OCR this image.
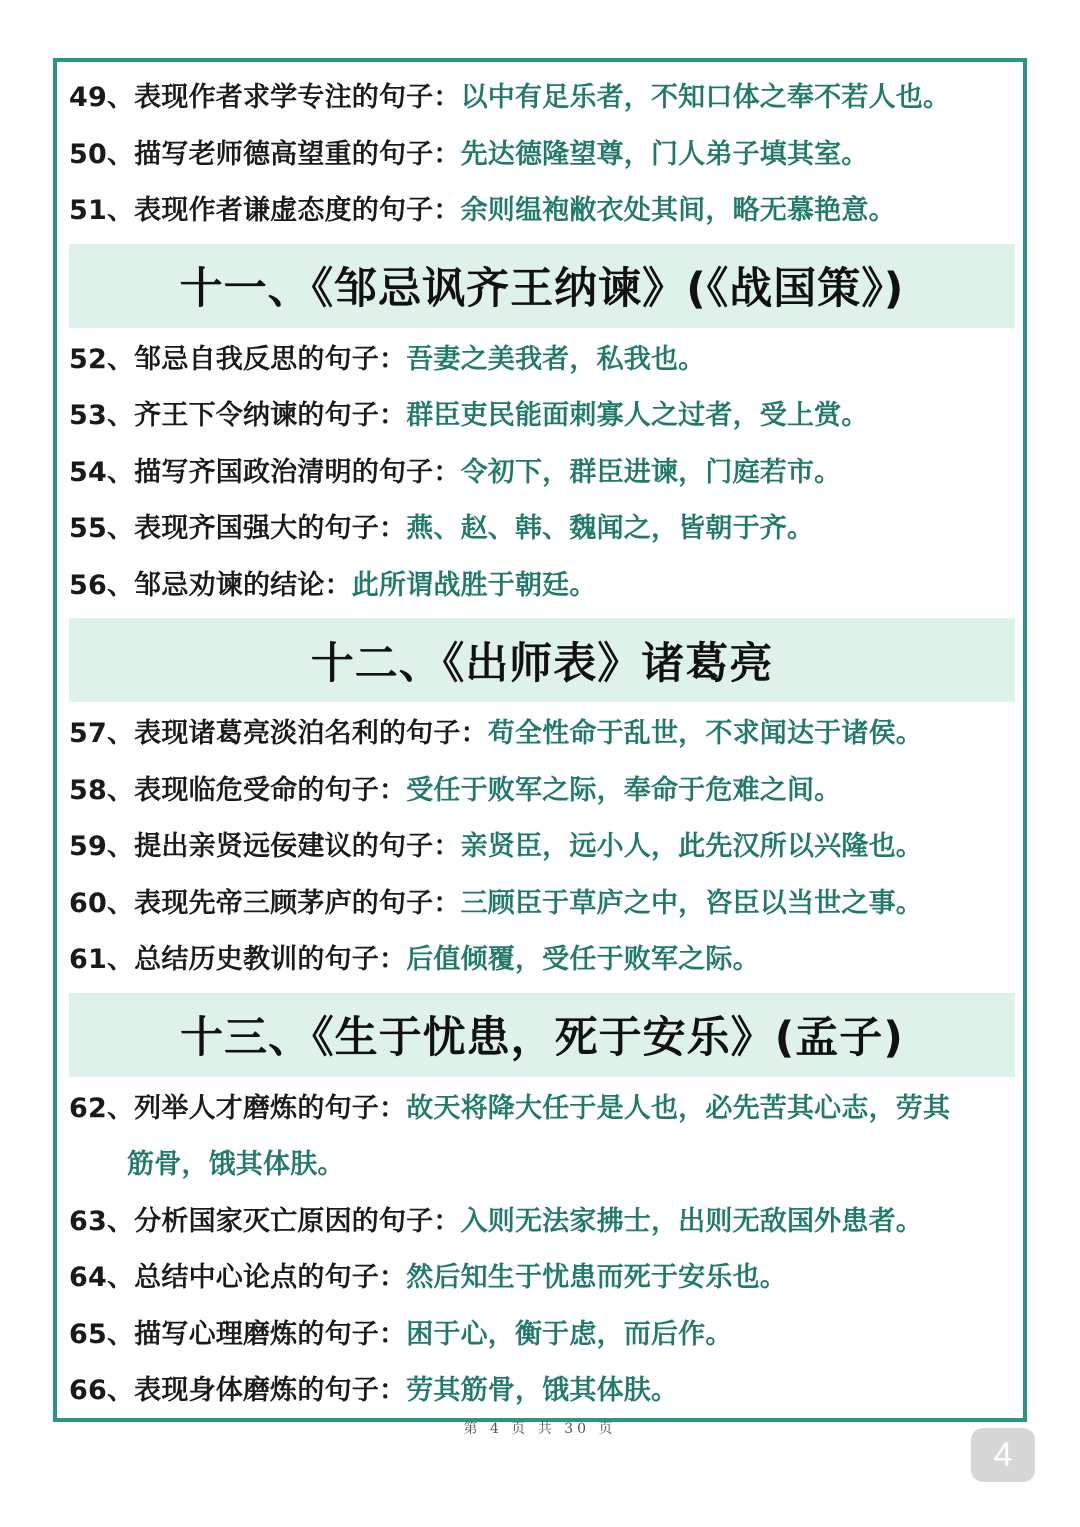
49、表现作者求学专注的句子：以中有足乐者，不知口体之奉不若人也。
50、描写老师德高望重的句子：先达德隆望尊，门人弟子填其室。
51、表现作者谦虚态度的句子：余则缊袍敝衣处其间，略无慕艳意。
十一、《邹忌讽齐王纳谏》(《战国策》)
52、邹忌自我反思的句子：吾妻之美我者，私我也。
53、齐王下令纳谏的句子：群臣吏民能面刺寡人之过者，受上赏。
54、描写齐国政治清明的句子：令初下，群臣进谏，门庭若市。
55、表现齐国强大的句子：燕、赵、韩、魏闻之，皆朝于齐。
56、邹忌劝谏的结论：此所谓战胜于朝廷。
十二、《出师表》诸葛亮
57、表现诸葛亮淡泊名利的句子：苟全性命于乱世，不求闻达于诸侯。
58、表现临危受命的句子：受任于败军之际，奉命于危难之间。
59、提出亲贤远佞建议的句子：亲贤臣，远小人，此先汉所以兴隆也。
60、表现先帝三顾茅庐的句子：三顾臣于草庐之中，咨臣以当世之事。
61、总结历史教训的句子：后值倾覆，受任于败军之际。
十三、《生于忧患，死于安乐》(孟子)
62、列举人才磨炼的句子：故天将降大任于是人也，必先苦其心志，劳其
筋骨，饿其体肤。
63、分析国家灭亡原因的句子：入则无法家拂士，出则无敌国外患者。
64、总结中心论点的句子：然后知生于忧患而死于安乐也。
65、描写心理磨炼的句子：困于心，衡于虑，而后作。
66、表现身体磨炼的句子：劳其筋骨，饿其体肤。
第 4 页 共 30 页
4
